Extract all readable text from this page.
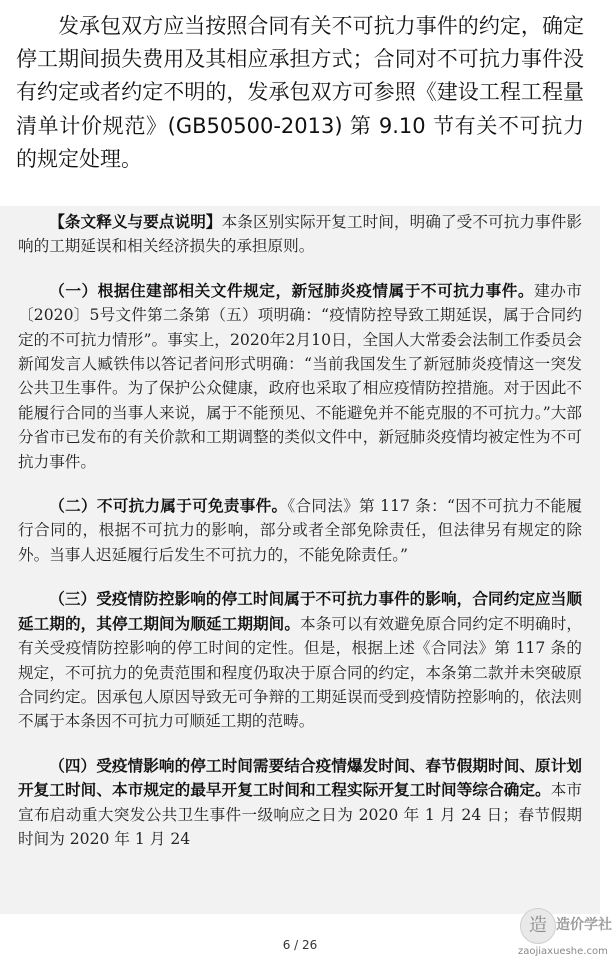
发承包双方应当按照合同有关不可抗力事件的约定，确定停工期间损失费用及其相应承担方式；合同对不可抗力事件没有约定或者约定不明的，发承包双方可参照《建设工程工程量清单计价规范》(GB50500-2013) 第 9.10 节有关不可抗力的规定处理。

【条文释义与要点说明】本条区别实际开复工时间，明确了受不可抗力事件影响的工期延误和相关经济损失的承担原则。

（一）根据住建部相关文件规定，新冠肺炎疫情属于不可抗力事件。建办市〔2020〕5号文件第二条第（五）项明确：“疫情防控导致工期延误，属于合同约定的不可抗力情形”。事实上，2020年2月10日，全国人大常委会法制工作委员会新闻发言人臧铁伟以答记者问形式明确：“当前我国发生了新冠肺炎疫情这一突发公共卫生事件。为了保护公众健康，政府也采取了相应疫情防控措施。对于因此不能履行合同的当事人来说，属于不能预见、不能避免并不能克服的不可抗力。”大部分省市已发布的有关价款和工期调整的类似文件中，新冠肺炎疫情均被定性为不可抗力事件。

（二）不可抗力属于可免责事件。《合同法》第 117 条：“因不可抗力不能履行合同的，根据不可抗力的影响，部分或者全部免除责任，但法律另有规定的除外。当事人迟延履行后发生不可抗力的，不能免除责任。”

（三）受疫情防控影响的停工时间属于不可抗力事件的影响，合同约定应当顺延工期的，其停工期间为顺延工期期间。本条可以有效避免原合同约定不明确时，有关受疫情防控影响的停工时间的定性。但是，根据上述《合同法》第 117 条的规定，不可抗力的免责范围和程度仍取决于原合同的约定，本条第二款并未突破原合同约定。因承包人原因导致无可争辩的工期延误而受到疫情防控影响的，依法则不属于本条因不可抗力可顺延工期的范畴。

（四）受疫情影响的停工时间需要结合疫情爆发时间、春节假期时间、原计划开复工时间、本市规定的最早开复工时间和工程实际开复工时间等综合确定。本市宣布启动重大突发公共卫生事件一级响应之日为 2020 年 1 月 24 日；春节假期时间为 2020 年 1 月 24

6 / 26
造 造价学社
zaojiaxueshe.com
